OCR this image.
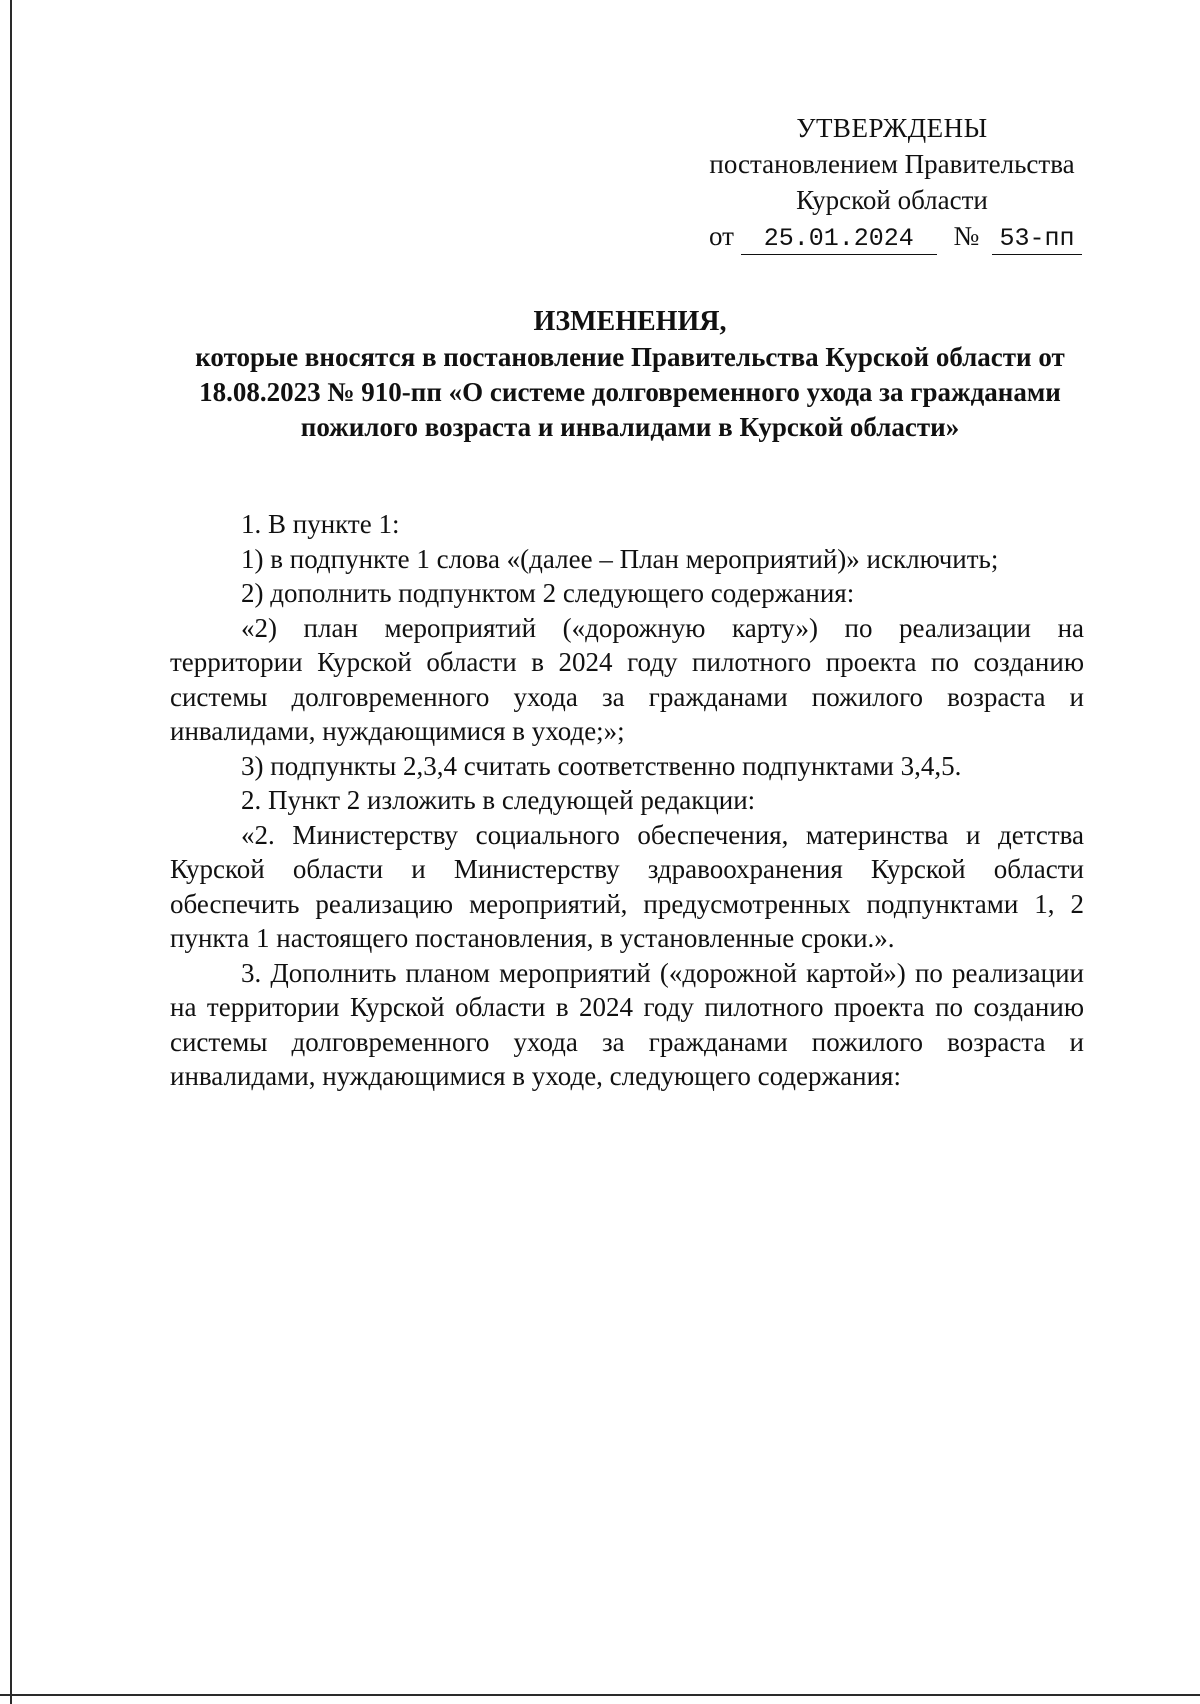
УТВЕРЖДЕНЫ
постановлением Правительства
Курской области
от 25.01.2024 № 53-пп
ИЗМЕНЕНИЯ,
которые вносятся в постановление Правительства Курской области от 18.08.2023 № 910-пп «О системе долговременного ухода за гражданами пожилого возраста и инвалидами в Курской области»

1. В пункте 1:

1) в подпункте 1 слова «(далее – План мероприятий)» исключить;

2) дополнить подпунктом 2 следующего содержания:

«2) план мероприятий («дорожную карту») по реализации на территории Курской области в 2024 году пилотного проекта по созданию системы долговременного ухода за гражданами пожилого возраста и инвалидами, нуждающимися в уходе;»;

3) подпункты 2,3,4 считать соответственно подпунктами 3,4,5.

2. Пункт 2 изложить в следующей редакции:

«2. Министерству социального обеспечения, материнства и детства Курской области и Министерству здравоохранения Курской области обеспечить реализацию мероприятий, предусмотренных подпунктами 1, 2 пункта 1 настоящего постановления, в установленные сроки.».

3. Дополнить планом мероприятий («дорожной картой») по реализации на территории Курской области в 2024 году пилотного проекта по созданию системы долговременного ухода за гражданами пожилого возраста и инвалидами, нуждающимися в уходе, следующего содержания:
